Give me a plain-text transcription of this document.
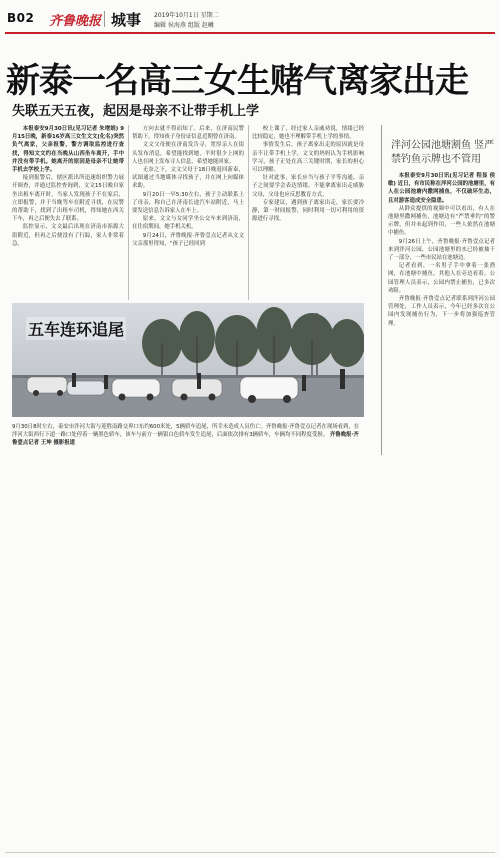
B02 齐鲁晚报 城事 2019年10月1日 星期二
编辑 侯海燕 组版 赵曦
新泰一名高三女生赌气离家出走
失联五天五夜，起因是母亲不让带手机上学

本报泰安9月30日讯(见习记者 朱增娟) 9月15日晚，新泰16岁高三女生文文(化名)突然负气离家，父亲报警，警方调取监控进行查找，得知文文约在当晚从山西坐车离开，手中并没有带手机。她离开的原因是母亲不让她带手机去学校上学。

接到报警后，辖区派出所迅速组织警力展开调查，并通过监控查询到，文文15日晚自家坐出租车离开时，当家人发现孩子不在家后，立即报警，并于当晚驾车在附近寻找，在民警的帮助下，找到了出租车司机，得知她在西关下车，再之后便失去了联系。

监控显示，文文最后出现在济南市泺源大街附近，但再之后便没有了行踪，家人非常着急。

方向去就不得而知了。后来，在济南民警帮助下，得知孩子身份证信息近期曾在济南。

文文父母便在济南发告寻，宽厚亲人在街头发布消息，希望能找到她，平时很少上网的人也在网上发布寻人信息，希望她能回家。

无奈之下，文文父母于18日晚返回新泰，试图通过当地媒体寻找孩子，并在网上向媒体求助。

9月20日一早5:30左右，孩子主动联系上了母亲，称自己在济南长途汽车站附近，马上要发送信息告诉家人在车上。

原来，文文与女同学坐公交车来到济南，在住宿期间，她手机关机。

9月24日，齐鲁晚报·齐鲁壹点记者从文文父亲那里得知，“孩子已经回到

校上课了，经过家人亲戚劝说，情绪已经比较稳定，她也不理解带手机上学的事情。

事情发生后，孩子离家出走的原因就是母亲不让带手机上学，文文的妈妈认为手机影响学习，孩子正处在高三关键时期，家长的担心可以理解。

针对此事，家长应当与孩子平等沟通，亲子之间要学会表达情绪，不能拿离家出走威胁父母，父母也应反思教育方式。

专家建议，遇到孩子离家出走，家长要冷静，第一时间报警，同时利用一切可利用的资源进行寻找。

泮河公园池塘割鱼 竖严禁钓鱼示牌也不管用

本报泰安9月30日讯(见习记者 程显 侯敏) 近日，有市民称在泮河公园的池塘里，有人在公园池塘内撒网捕鱼，不仅破坏生态，且对游客造成安全隐患。

从群众提供的视频中可以看出，有人在池塘里撒网捕鱼，池塘边有“严禁垂钓”的警示牌，但并未起到作用，一些人依然在池塘中捕鱼。

9月26日上午，齐鲁晚报·齐鲁壹点记者来到泮河公园，公园池塘里的水已经被抽干了一部分，一些市民站在池塘边。

记者看到，一名男子手中拿着一张渔网，在池塘中捕鱼，其他人在旁边看着。公园管理人员表示，公园内禁止捕鱼，已多次劝阻。

齐鲁晚报·齐鲁壹点记者联系到泮河公园管理处，工作人员表示，今年已经多次在公园内发现捕鱼行为，下一步将加强巡查管理。

五车连环追尾
9月30日8时左右，泰安市泮河大街与迎胜南路交界口东约600米处，5辆轿车追尾，所幸未造成人员伤亡。齐鲁晚报·齐鲁壹点记者在现场看到，在泮河大街西行下道一路口处停着一辆黑色轿车，该车与前方一辆银白色轿车发生追尾，后面依次排有3辆轿车，车辆均不同程度受损。 齐鲁晚报·齐鲁壹点记者 王坤 摄影报道
